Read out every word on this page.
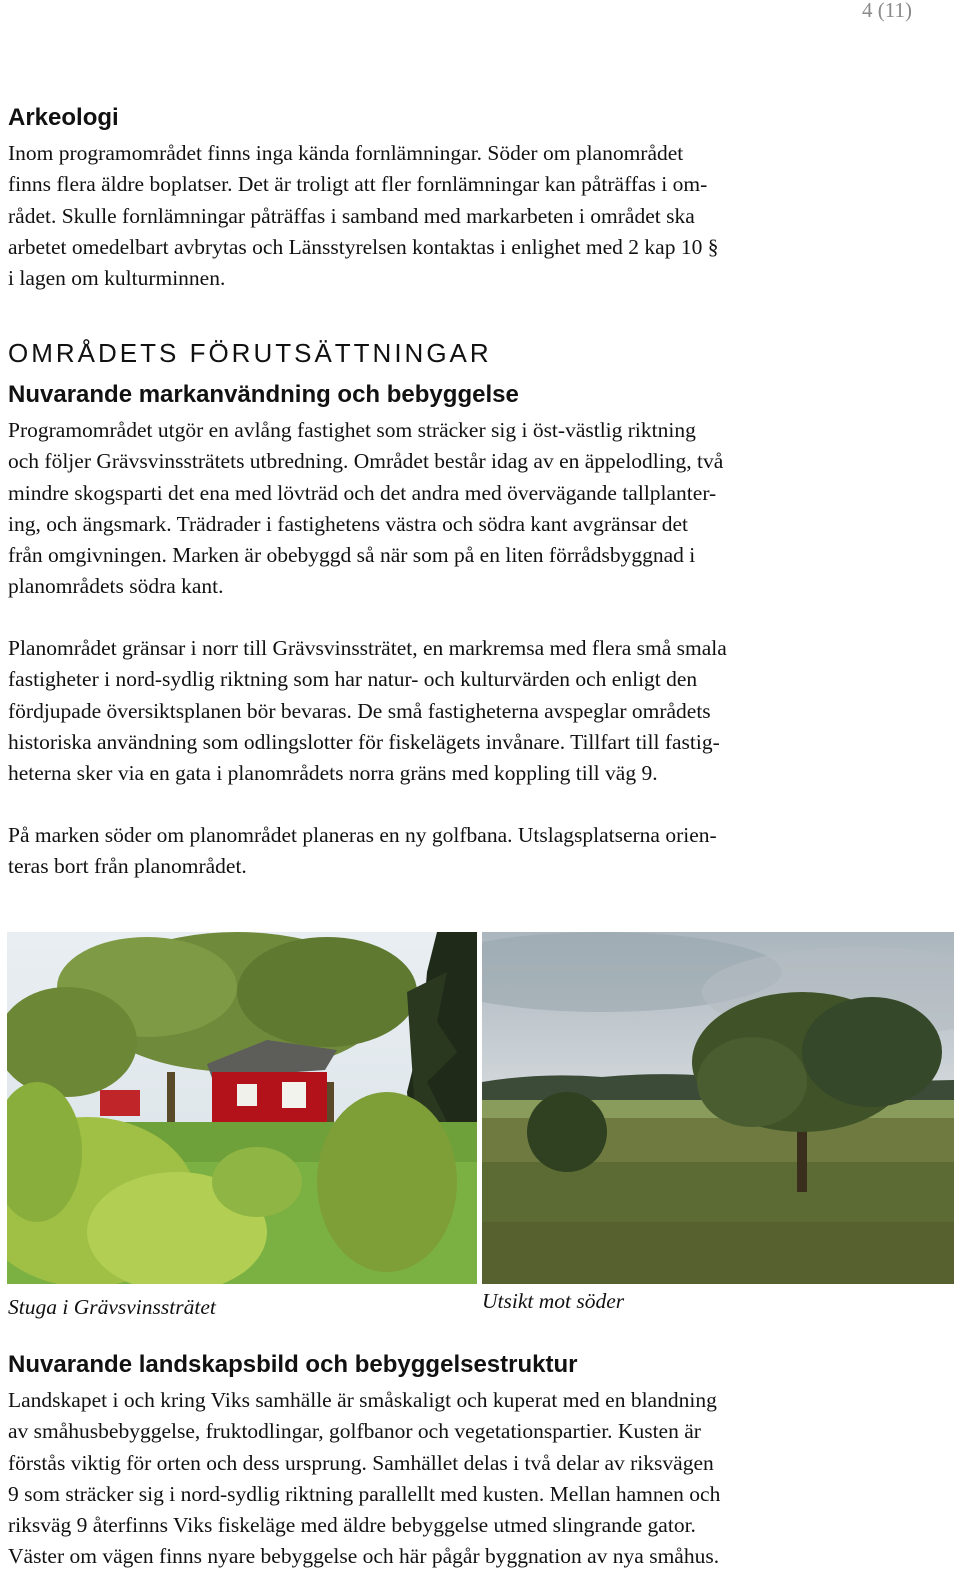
4 (11)
Arkeologi
Inom programområdet finns inga kända fornlämningar. Söder om planområdet
finns flera äldre boplatser. Det är troligt att fler fornlämningar kan påträffas i om-
rådet. Skulle fornlämningar påträffas i samband med markarbeten i området ska
arbetet omedelbart avbrytas och Länsstyrelsen kontaktas i enlighet med 2 kap 10 §
i lagen om kulturminnen.
OMRÅDETS FÖRUTSÄTTNINGAR
Nuvarande markanvändning och bebyggelse
Programområdet utgör en avlång fastighet som sträcker sig i öst-västlig riktning
och följer Grävsvinssträtets utbredning. Området består idag av en äppelodling, två
mindre skogsparti det ena med lövträd och det andra med övervägande tallplanter-
ing, och ängsmark. Trädrader i fastighetens västra och södra kant avgränsar det
från omgivningen. Marken är obebyggd så när som på en liten förrådsbyggnad i
planområdets södra kant.
Planområdet gränsar i norr till Grävsvinssträtet, en markremsa med flera små smala
fastigheter i nord-sydlig riktning som har natur- och kulturvärden och enligt den
fördjupade översiktsplanen bör bevaras. De små fastigheterna avspeglar områdets
historiska användning som odlingslotter för fiskelägets invånare. Tillfart till fastig-
heterna sker via en gata i planområdets norra gräns med koppling till väg 9.
På marken söder om planområdet planeras en ny golfbana. Utslagsplatserna orien-
teras bort från planområdet.
Stuga i Grävsvinssträtet	Utsikt mot söder
Nuvarande landskapsbild och bebyggelsestruktur
Landskapet i och kring Viks samhälle är småskaligt och kuperat med en blandning
av småhusbebyggelse, fruktodlingar, golfbanor och vegetationspartier. Kusten är
förstås viktig för orten och dess ursprung. Samhället delas i två delar av riksvägen
9 som sträcker sig i nord-sydlig riktning parallellt med kusten. Mellan hamnen och
riksväg 9 återfinns Viks fiskeläge med äldre bebyggelse utmed slingrande gator.
Väster om vägen finns nyare bebyggelse och här pågår byggnation av nya småhus.
